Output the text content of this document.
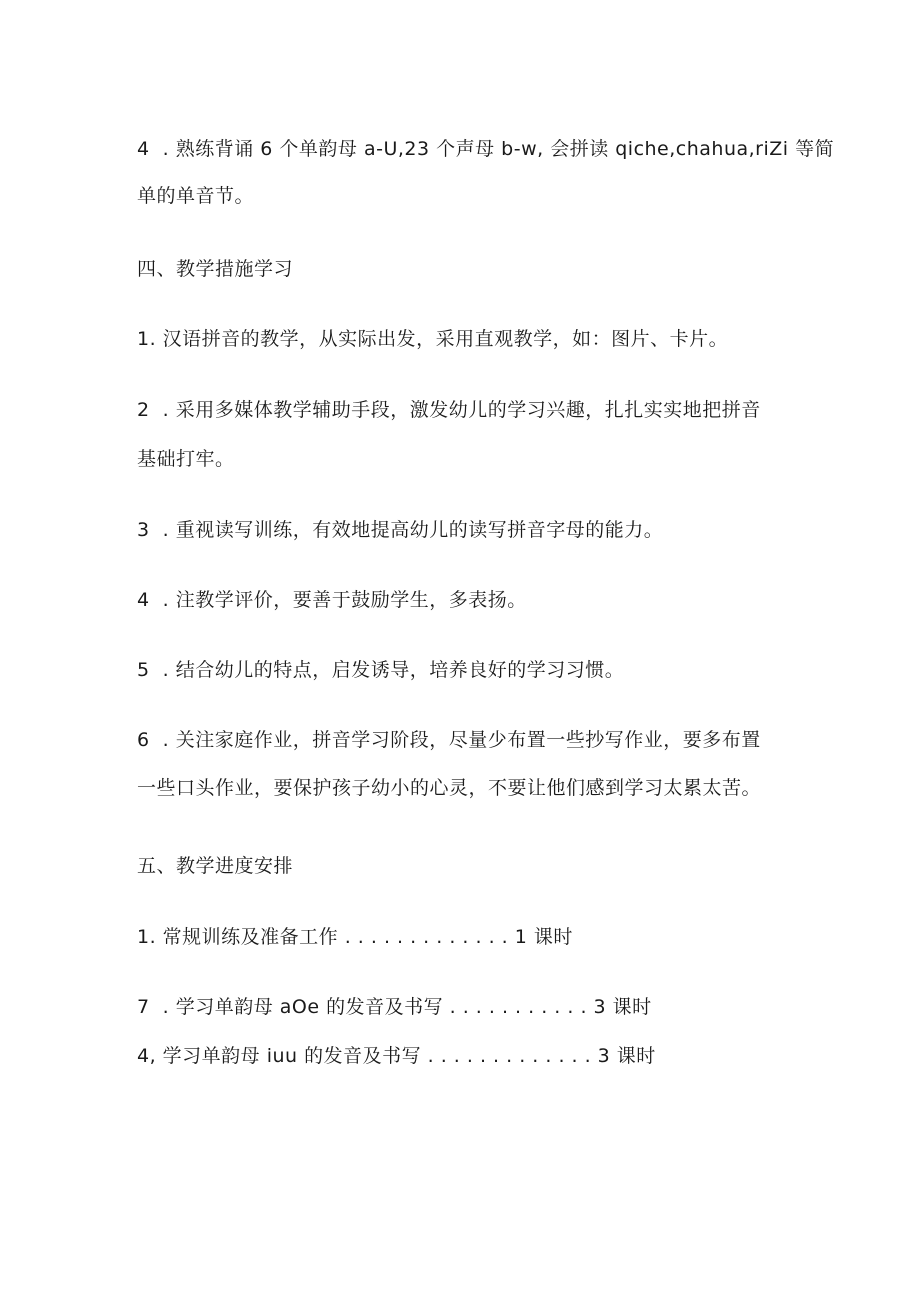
4  . 熟练背诵 6 个单韵母 a-U,23 个声母 b-w, 会拼读 qiche,chahua,riZi 等简
单的单音节。
四、教学措施学习
1. 汉语拼音的教学，从实际出发，采用直观教学，如：图片、卡片。
2  . 采用多媒体教学辅助手段，激发幼儿的学习兴趣，扎扎实实地把拼音
基础打牢。
3  . 重视读写训练，有效地提高幼儿的读写拼音字母的能力。
4  . 注教学评价，要善于鼓励学生，多表扬。
5  . 结合幼儿的特点，启发诱导，培养良好的学习习惯。
6  . 关注家庭作业，拼音学习阶段，尽量少布置一些抄写作业，要多布置
一些口头作业，要保护孩子幼小的心灵，不要让他们感到学习太累太苦。
五、教学进度安排
1. 常规训练及准备工作 . . . . . . . . . . . . . 1 课时
7  . 学习单韵母 aOe 的发音及书写 . . . . . . . . . . . 3 课时
4, 学习单韵母 iuu 的发音及书写 . . . . . . . . . . . . . 3 课时
